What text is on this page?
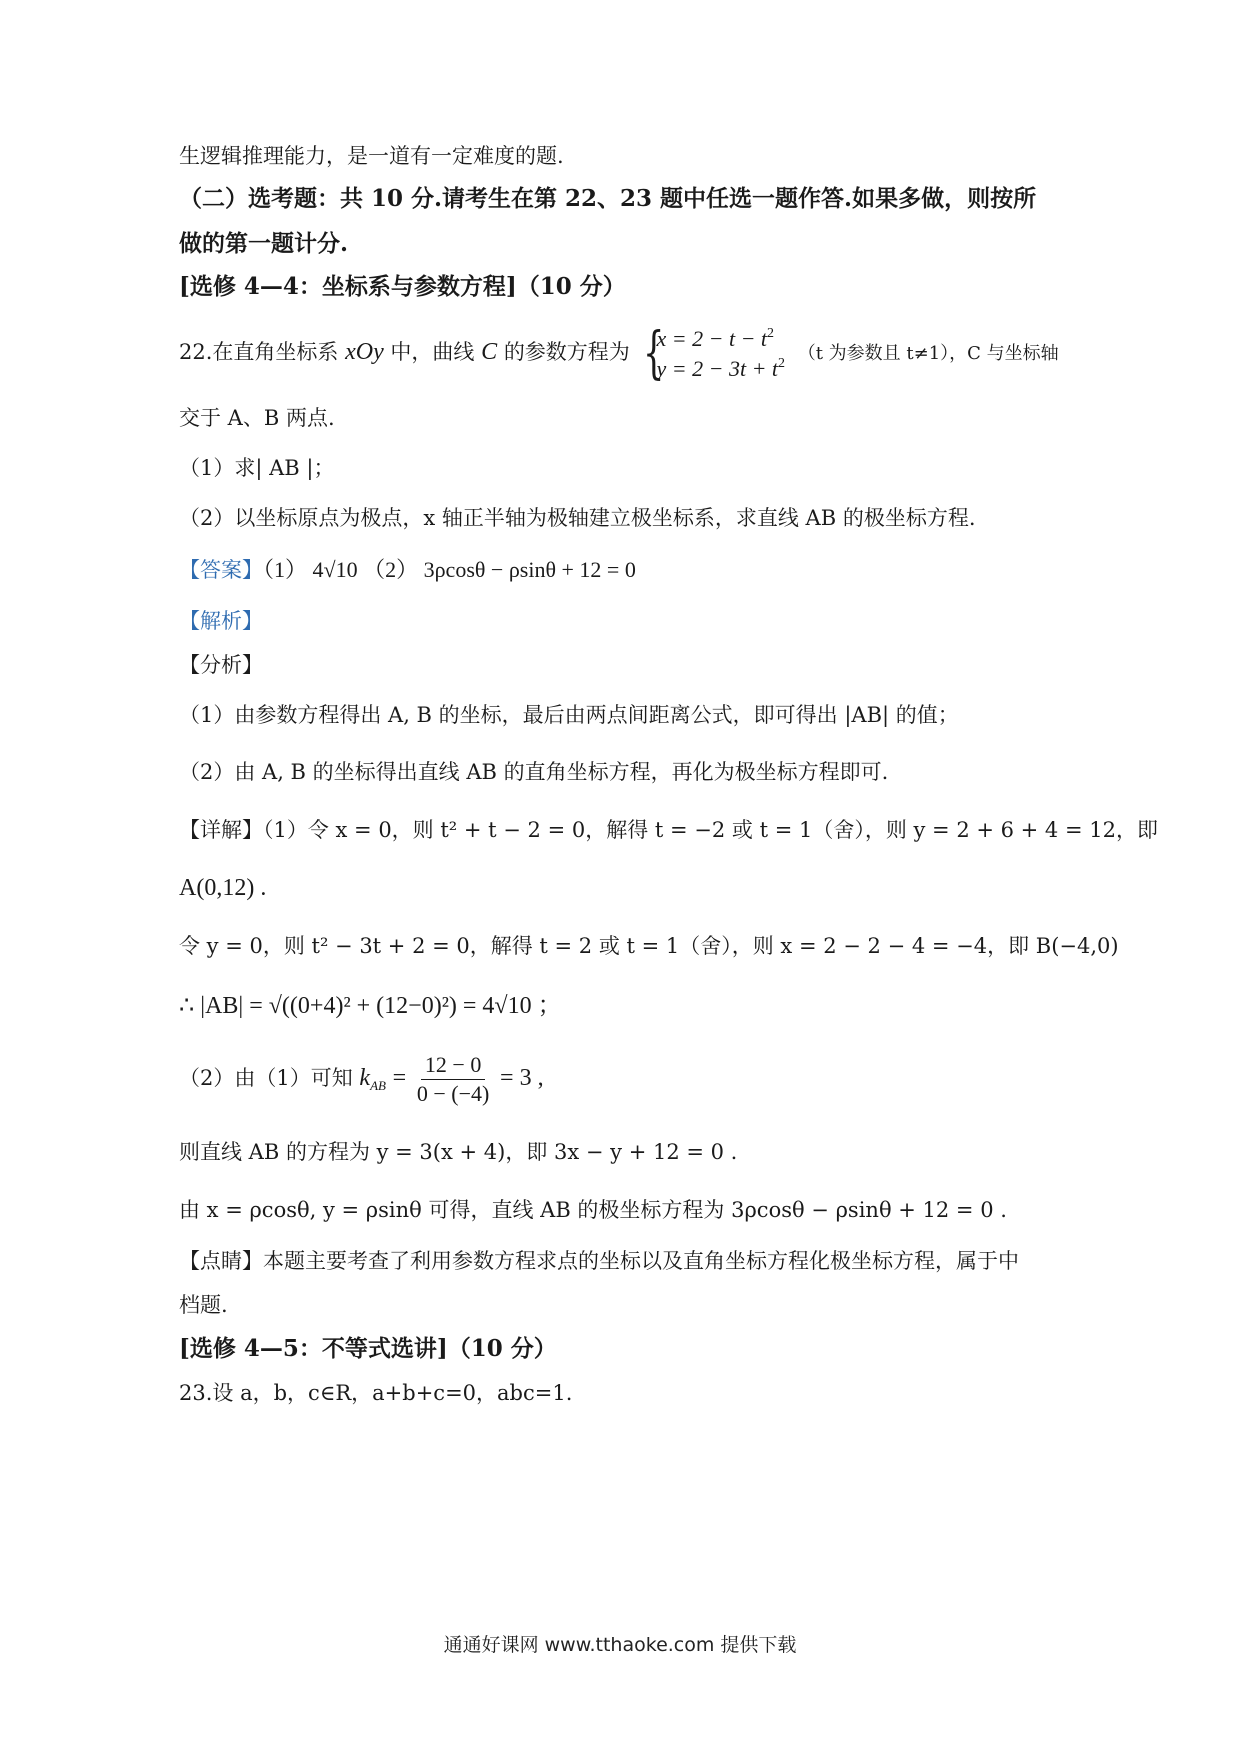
生逻辑推理能力，是一道有一定难度的题.
（二）选考题：共 10 分.请考生在第 22、23 题中任选一题作答.如果多做，则按所
做的第一题计分.
[选修 4—4：坐标系与参数方程]（10 分）
22.在直角坐标系 xOy 中，曲线 C 的参数方程为 {
$x = 2 - t - t^2$
$y = 2 - 3t + t^2$ （t 为参数且 t≠1），C 与坐标轴
交于 A、B 两点.
（1）求| AB |；
（2）以坐标原点为极点，x 轴正半轴为极轴建立极坐标系，求直线 AB 的极坐标方程.
【答案】（1） 4√10 （2） 3ρcosθ − ρsinθ + 12 = 0
【解析】
【分析】
（1）由参数方程得出 A, B 的坐标，最后由两点间距离公式，即可得出 |AB| 的值；
（2）由 A, B 的坐标得出直线 AB 的直角坐标方程，再化为极坐标方程即可.
【详解】（1）令 x = 0，则 t² + t − 2 = 0，解得 t = −2 或 t = 1（舍），则 y = 2 + 6 + 4 = 12，即
A(0,12) .
令 y = 0，则 t² − 3t + 2 = 0，解得 t = 2 或 t = 1（舍），则 x = 2 − 2 − 4 = −4，即 B(−4,0)
∴ |AB| = √((0+4)² + (12−0)²) = 4√10 ；
（2）由（1）可知 $k_{AB} = \frac{12 - 0}{0 - (-4)} = 3$ ,
则直线 AB 的方程为 y = 3(x + 4)，即 3x − y + 12 = 0 .
由 x = ρcosθ, y = ρsinθ 可得，直线 AB 的极坐标方程为 3ρcosθ − ρsinθ + 12 = 0 .
【点睛】本题主要考查了利用参数方程求点的坐标以及直角坐标方程化极坐标方程，属于中
档题.
[选修 4—5：不等式选讲]（10 分）
23.设 a，b，c∈R，a+b+c=0，abc=1.
通通好课网 www.tthaoke.com 提供下载
